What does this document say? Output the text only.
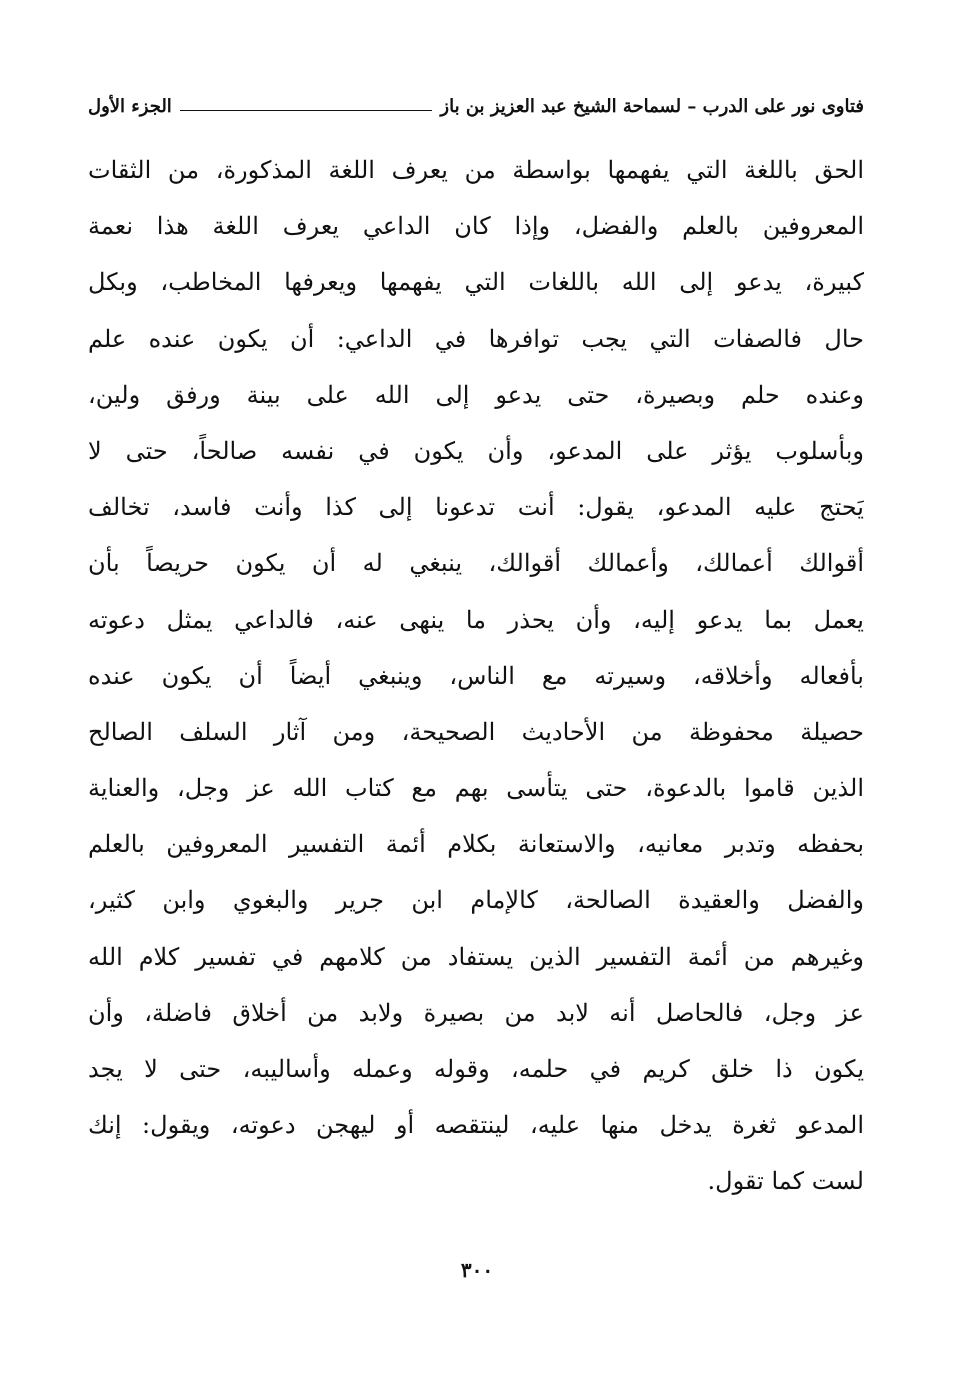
فتاوى نور على الدرب – لسماحة الشيخ عبد العزيز بن باز
الجزء الأول
الحق باللغة التي يفهمها بواسطة من يعرف اللغة المذكورة، من الثقات
المعروفين بالعلم والفضل، وإذا كان الداعي يعرف اللغة هذا نعمة
كبيرة، يدعو إلى الله باللغات التي يفهمها ويعرفها المخاطب، وبكل
حال فالصفات التي يجب توافرها في الداعي: أن يكون عنده علم
وعنده حلم وبصيرة، حتى يدعو إلى الله على بينة ورفق ولين،
وبأسلوب يؤثر على المدعو، وأن يكون في نفسه صالحاً، حتى لا
يَحتج عليه المدعو، يقول: أنت تدعونا إلى كذا وأنت فاسد، تخالف
أقوالك أعمالك، وأعمالك أقوالك، ينبغي له أن يكون حريصاً بأن
يعمل بما يدعو إليه، وأن يحذر ما ينهى عنه، فالداعي يمثل دعوته
بأفعاله وأخلاقه، وسيرته مع الناس، وينبغي أيضاً أن يكون عنده
حصيلة محفوظة من الأحاديث الصحيحة، ومن آثار السلف الصالح
الذين قاموا بالدعوة، حتى يتأسى بهم مع كتاب الله عز وجل، والعناية
بحفظه وتدبر معانيه، والاستعانة بكلام أئمة التفسير المعروفين بالعلم
والفضل والعقيدة الصالحة، كالإمام ابن جرير والبغوي وابن كثير،
وغيرهم من أئمة التفسير الذين يستفاد من كلامهم في تفسير كلام الله
عز وجل، فالحاصل أنه لابد من بصيرة ولابد من أخلاق فاضلة، وأن
يكون ذا خلق كريم في حلمه، وقوله وعمله وأساليبه، حتى لا يجد
المدعو ثغرة يدخل منها عليه، لينتقصه أو ليهجن دعوته، ويقول: إنك
لست كما تقول.
٣٠٠
